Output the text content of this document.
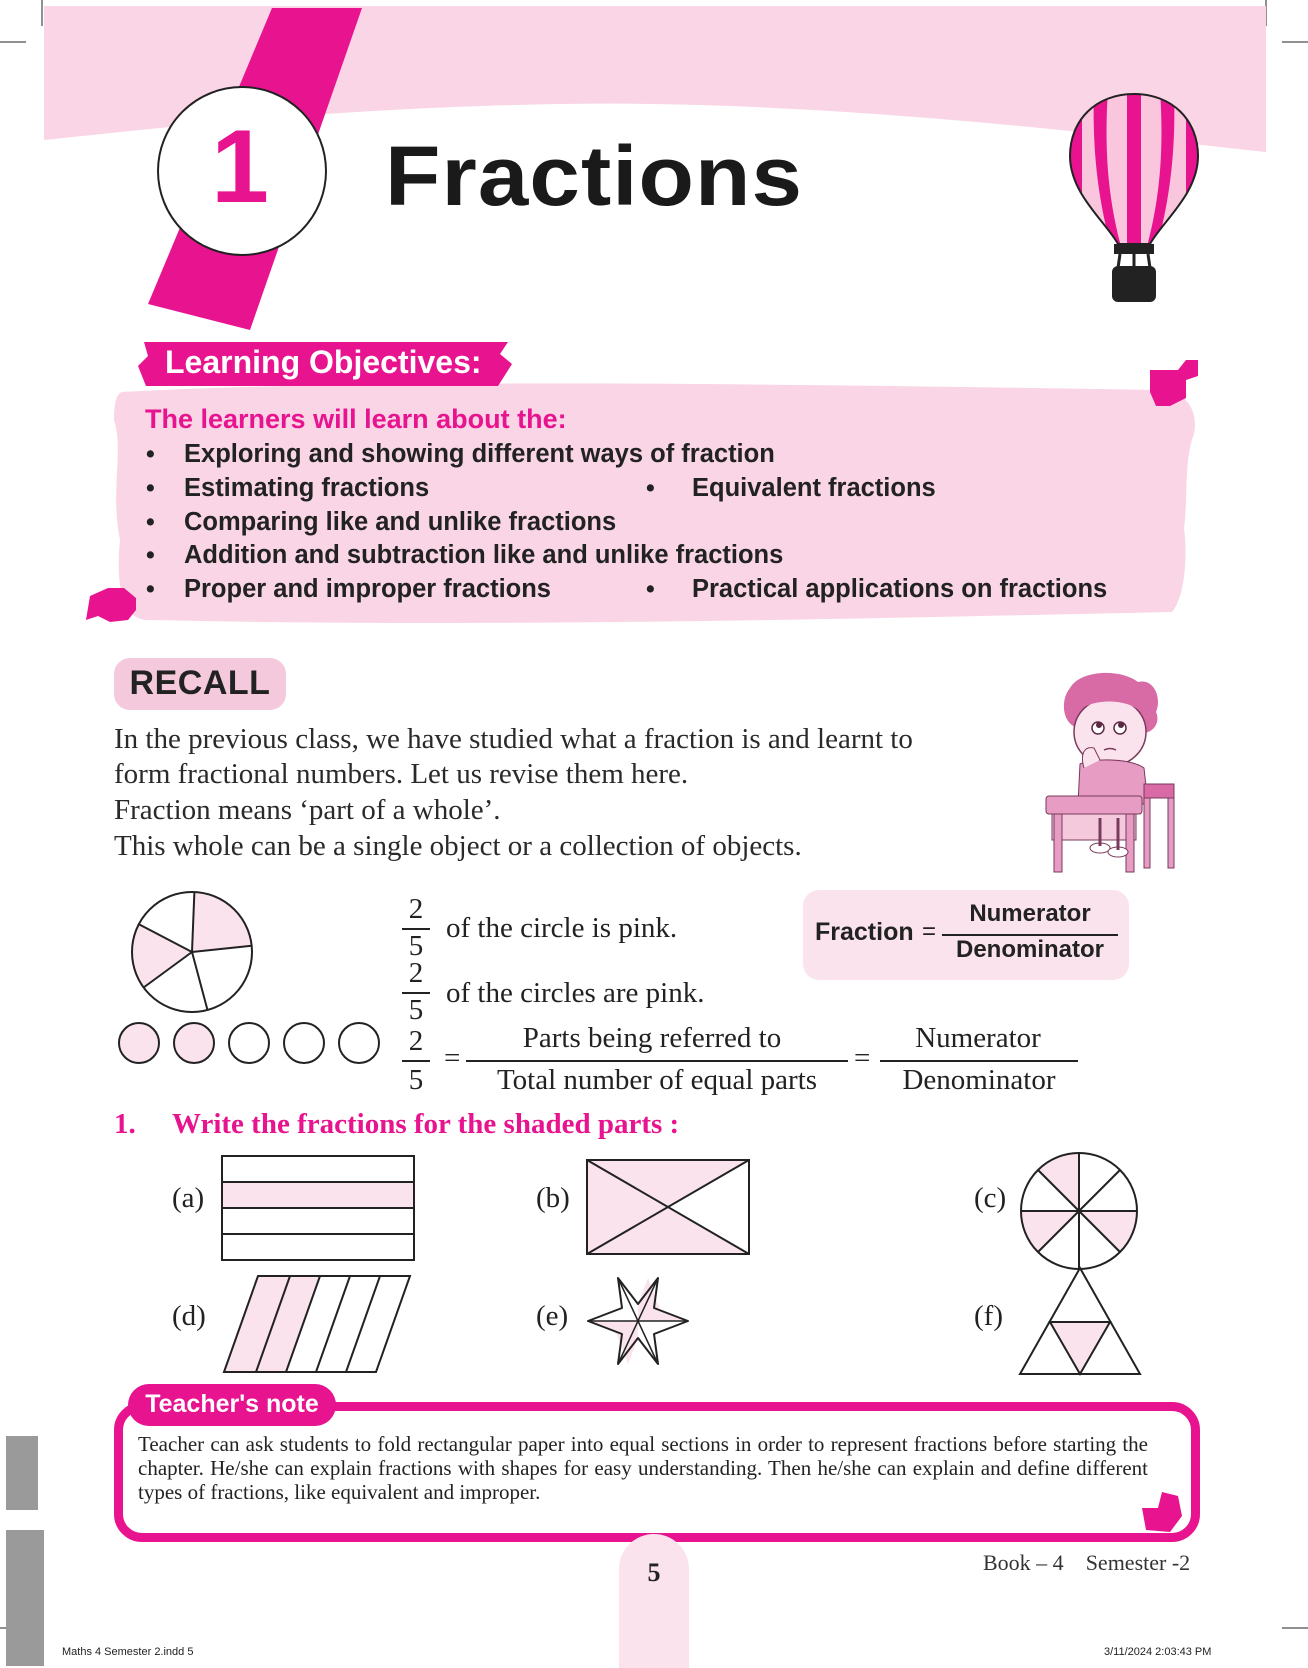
1	Fractions
Learning Objectives:
The learners will learn about the:
• Exploring and showing different ways of fraction
• Estimating fractions	• Equivalent fractions
• Comparing like and unlike fractions
• Addition and subtraction like and unlike fractions
• Proper and improper fractions	• Practical applications on fractions
RECALL
In the previous class, we have studied what a fraction is and learnt to
form fractional numbers. Let us revise them here.
Fraction means ‘part of a whole’.
This whole can be a single object or a collection of objects.
2
5
of the circle is pink.
2
5
of the circles are pink.
2
5
=
Parts being referred to
Total number of equal parts
=
Numerator
Denominator
Fraction =
Numerator
Denominator
1. Write the fractions for the shaded parts :
(a)	(b)	(c)
(d)	(e)	(f)
Teacher's note
Teacher can ask students to fold rectangular paper into equal sections in order to represent fractions before starting the chapter. He/she can explain fractions with shapes for easy understanding. Then he/she can explain and define different types of fractions, like equivalent and improper.
5	Book – 4 Semester -2
Maths 4 Semester 2.indd 5	3/11/2024 2:03:43 PM
